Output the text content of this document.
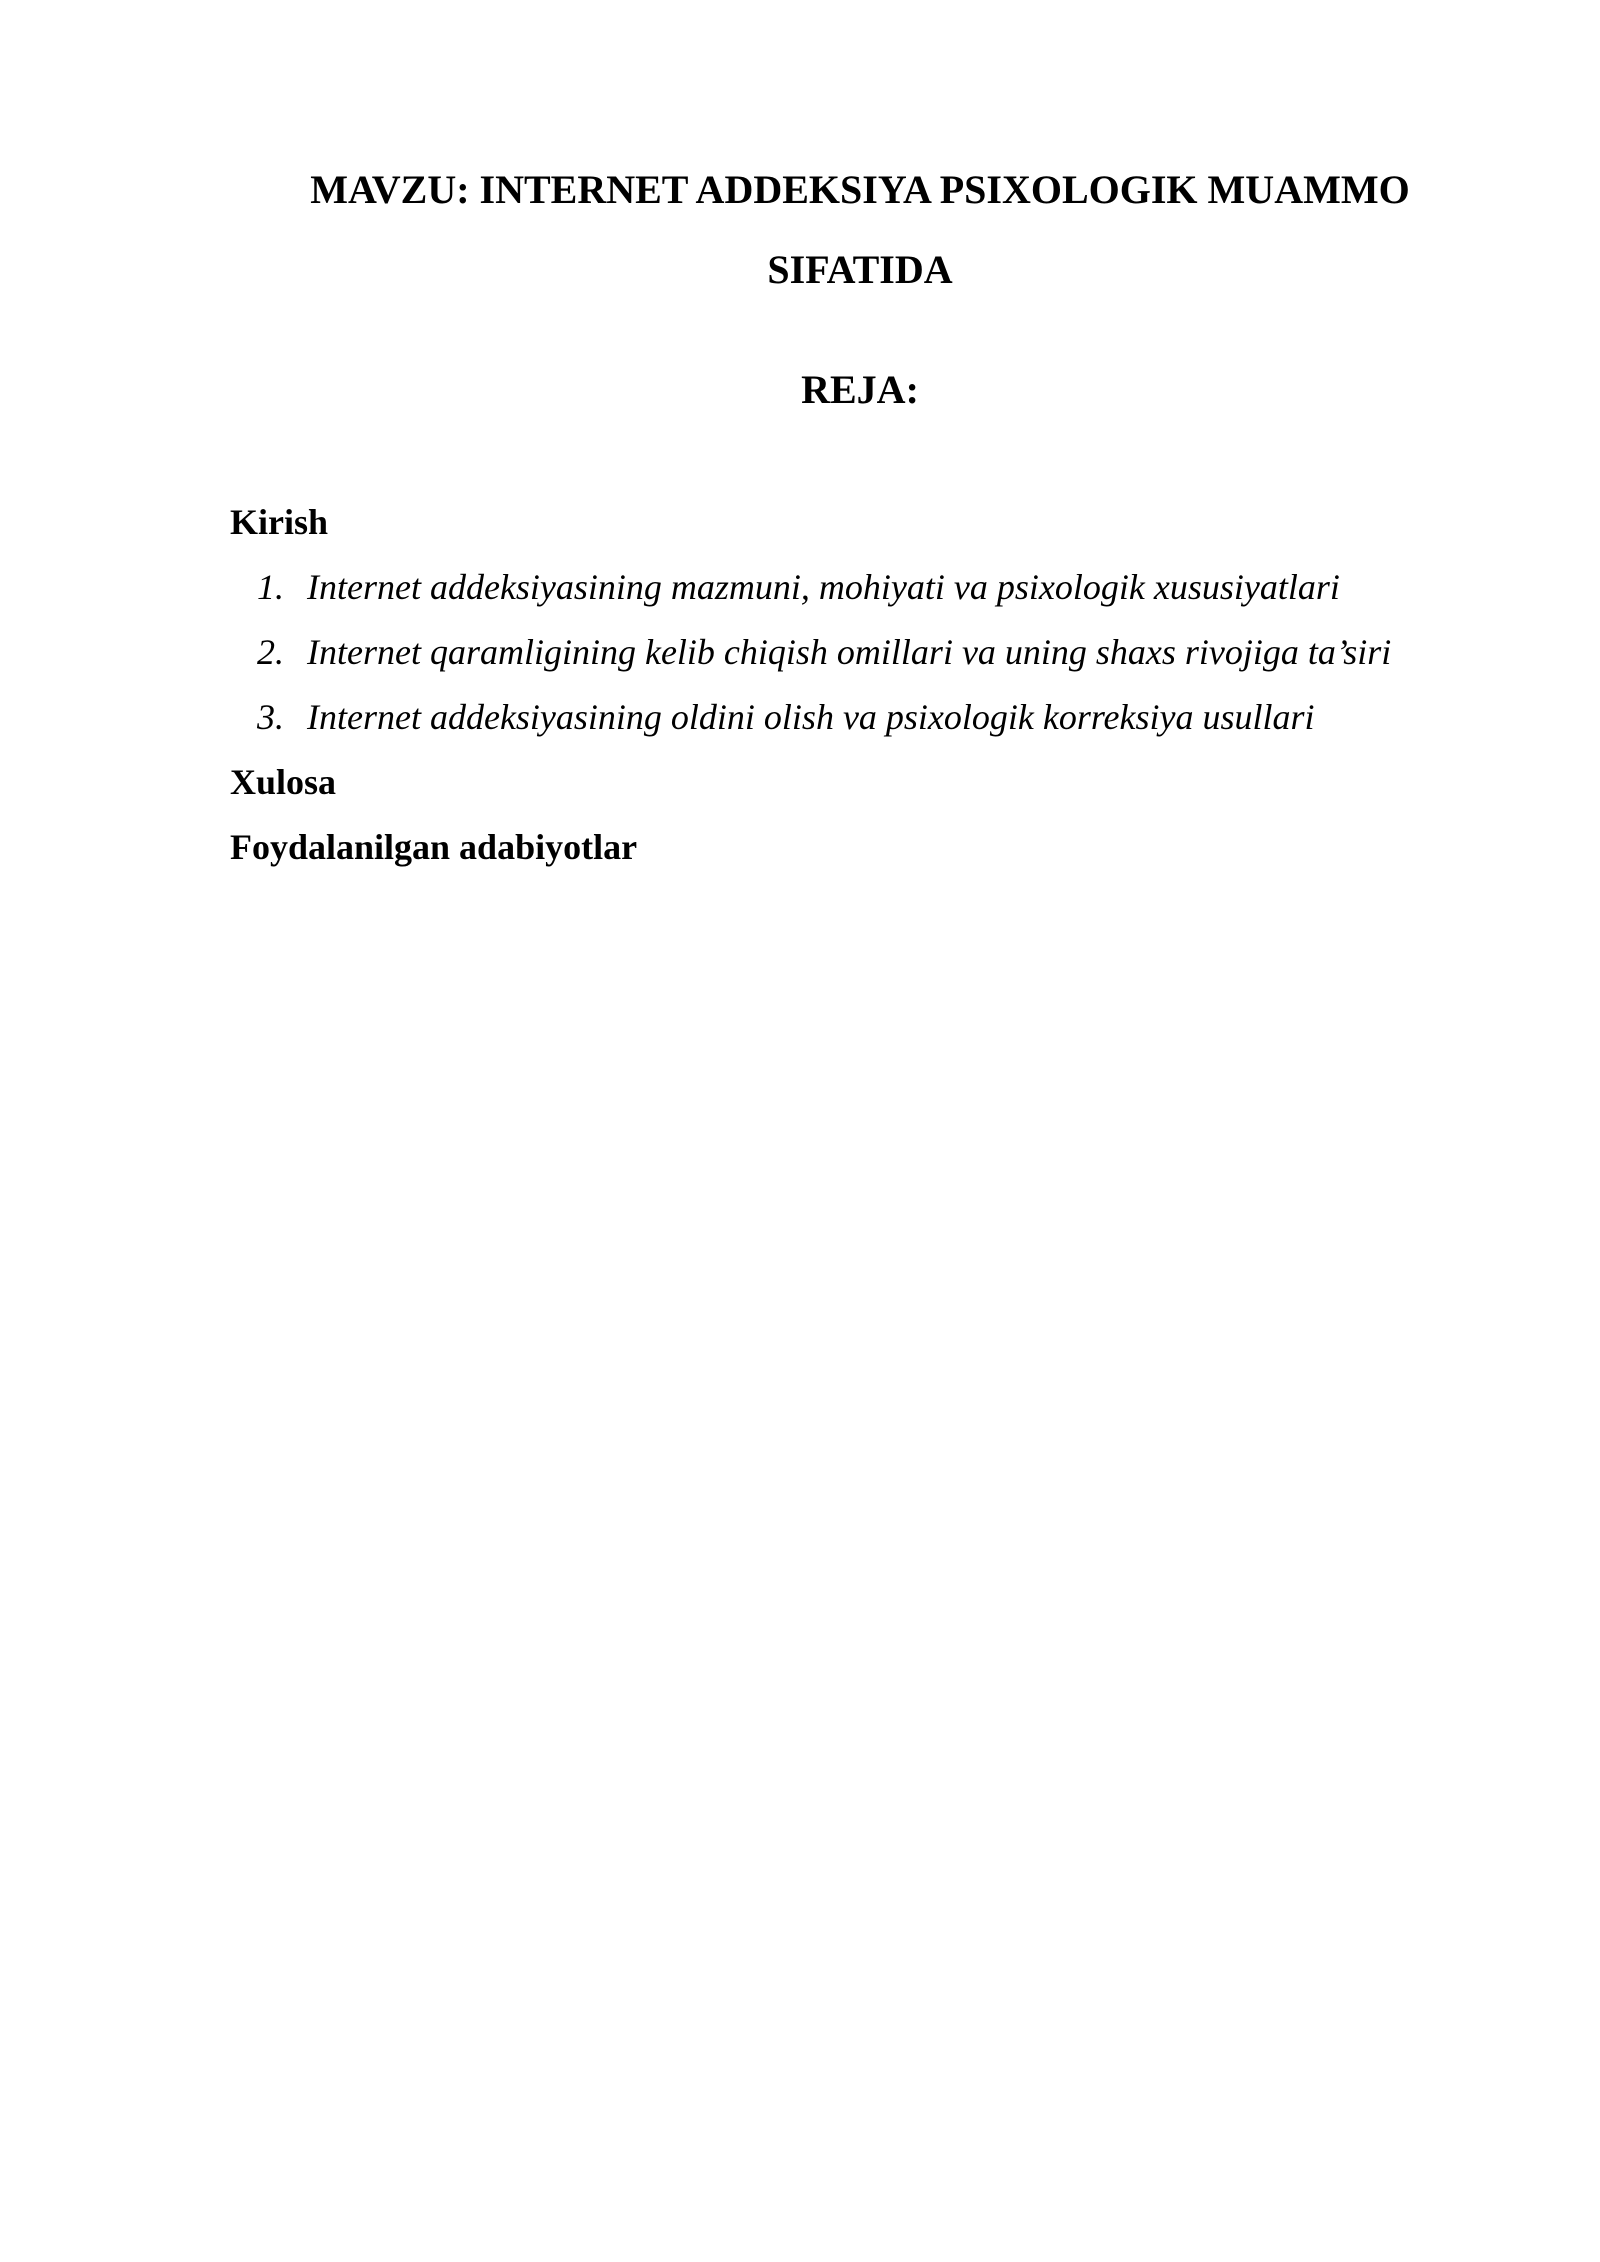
MAVZU: INTERNET ADDEKSIYA PSIXOLOGIK MUAMMO
SIFATIDA
REJA:
Kirish
1. Internet addeksiyasining mazmuni, mohiyati va psixologik xususiyatlari
2. Internet qaramligining kelib chiqish omillari va uning shaxs rivojiga ta’siri
3. Internet addeksiyasining oldini olish va psixologik korreksiya usullari
Xulosa
Foydalanilgan adabiyotlar
